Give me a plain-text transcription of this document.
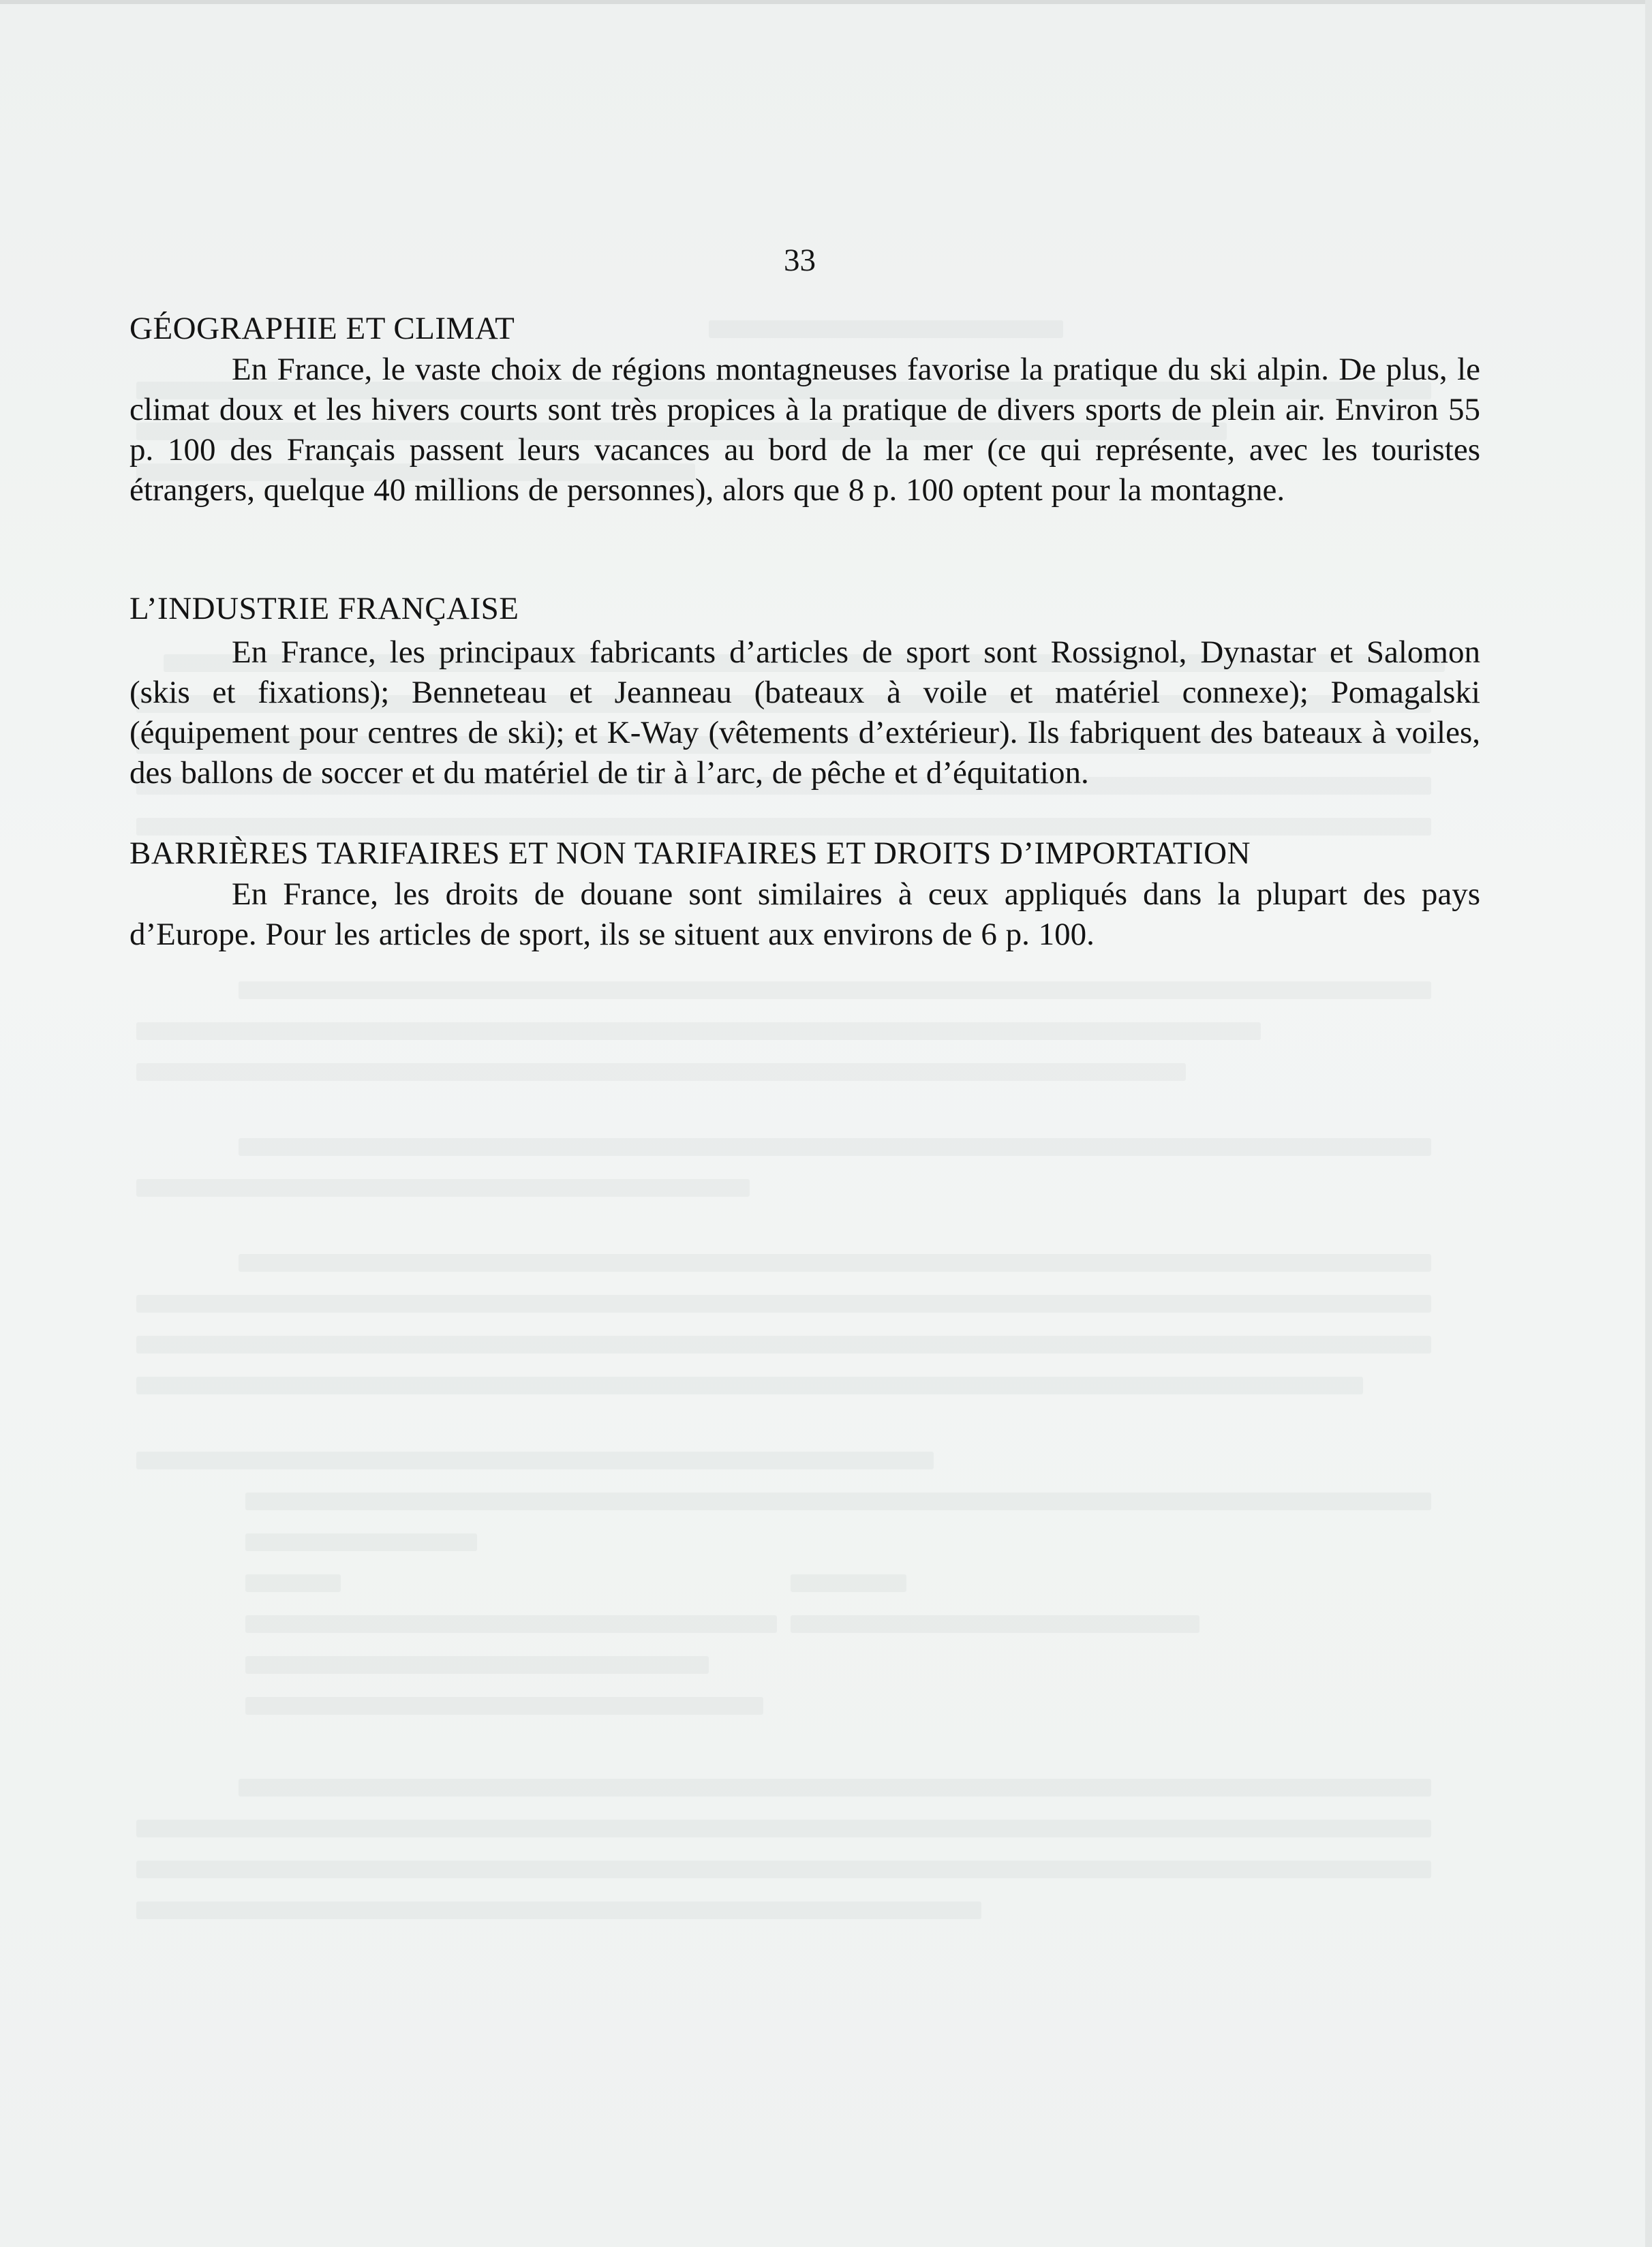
33
GÉOGRAPHIE ET CLIMAT
En France, le vaste choix de régions montagneuses favorise la pratique du ski alpin. De plus, le climat doux et les hivers courts sont très propices à la pratique de divers sports de plein air. Environ 55 p. 100 des Français passent leurs vacances au bord de la mer (ce qui représente, avec les touristes étrangers, quelque 40 millions de personnes), alors que 8 p. 100 optent pour la montagne.
L’INDUSTRIE FRANÇAISE
En France, les principaux fabricants d’articles de sport sont Rossignol, Dynastar et Salomon (skis et fixations); Benneteau et Jeanneau (bateaux à voile et matériel connexe); Pomagalski (équipement pour centres de ski); et K-Way (vêtements d’extérieur). Ils fabriquent des bateaux à voiles, des ballons de soccer et du matériel de tir à l’arc, de pêche et d’équitation.
BARRIÈRES TARIFAIRES ET NON TARIFAIRES ET DROITS D’IMPORTATION
En France, les droits de douane sont similaires à ceux appliqués dans la plupart des pays d’Europe. Pour les articles de sport, ils se situent aux environs de 6 p. 100.
